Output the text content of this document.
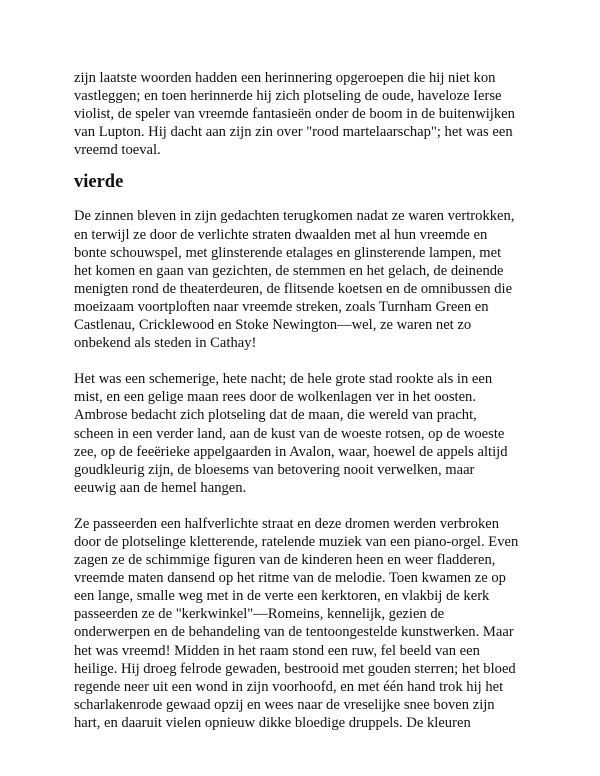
zijn laatste woorden hadden een herinnering opgeroepen die hij niet kon
vastleggen; en toen herinnerde hij zich plotseling de oude, haveloze Ierse
violist, de speler van vreemde fantasieën onder de boom in de buitenwijken
van Lupton. Hij dacht aan zijn zin over "rood martelaarschap"; het was een
vreemd toeval.

vierde

De zinnen bleven in zijn gedachten terugkomen nadat ze waren vertrokken,
en terwijl ze door de verlichte straten dwaalden met al hun vreemde en
bonte schouwspel, met glinsterende etalages en glinsterende lampen, met
het komen en gaan van gezichten, de stemmen en het gelach, de deinende
menigten rond de theaterdeuren, de flitsende koetsen en de omnibussen die
moeizaam voortploften naar vreemde streken, zoals Turnham Green en
Castlenau, Cricklewood en Stoke Newington—wel, ze waren net zo
onbekend als steden in Cathay!

Het was een schemerige, hete nacht; de hele grote stad rookte als in een
mist, en een gelige maan rees door de wolkenlagen ver in het oosten.
Ambrose bedacht zich plotseling dat de maan, die wereld van pracht,
scheen in een verder land, aan de kust van de woeste rotsen, op de woeste
zee, op de feeërieke appelgaarden in Avalon, waar, hoewel de appels altijd
goudkleurig zijn, de bloesems van betovering nooit verwelken, maar
eeuwig aan de hemel hangen.

Ze passeerden een halfverlichte straat en deze dromen werden verbroken
door de plotselinge kletterende, ratelende muziek van een piano-orgel. Even
zagen ze de schimmige figuren van de kinderen heen en weer fladderen,
vreemde maten dansend op het ritme van de melodie. Toen kwamen ze op
een lange, smalle weg met in de verte een kerktoren, en vlakbij de kerk
passeerden ze de "kerkwinkel"—Romeins, kennelijk, gezien de
onderwerpen en de behandeling van de tentoongestelde kunstwerken. Maar
het was vreemd! Midden in het raam stond een ruw, fel beeld van een
heilige. Hij droeg felrode gewaden, bestrooid met gouden sterren; het bloed
regende neer uit een wond in zijn voorhoofd, en met één hand trok hij het
scharlakenrode gewaad opzij en wees naar de vreselijke snee boven zijn
hart, en daaruit vielen opnieuw dikke bloedige druppels. De kleuren
